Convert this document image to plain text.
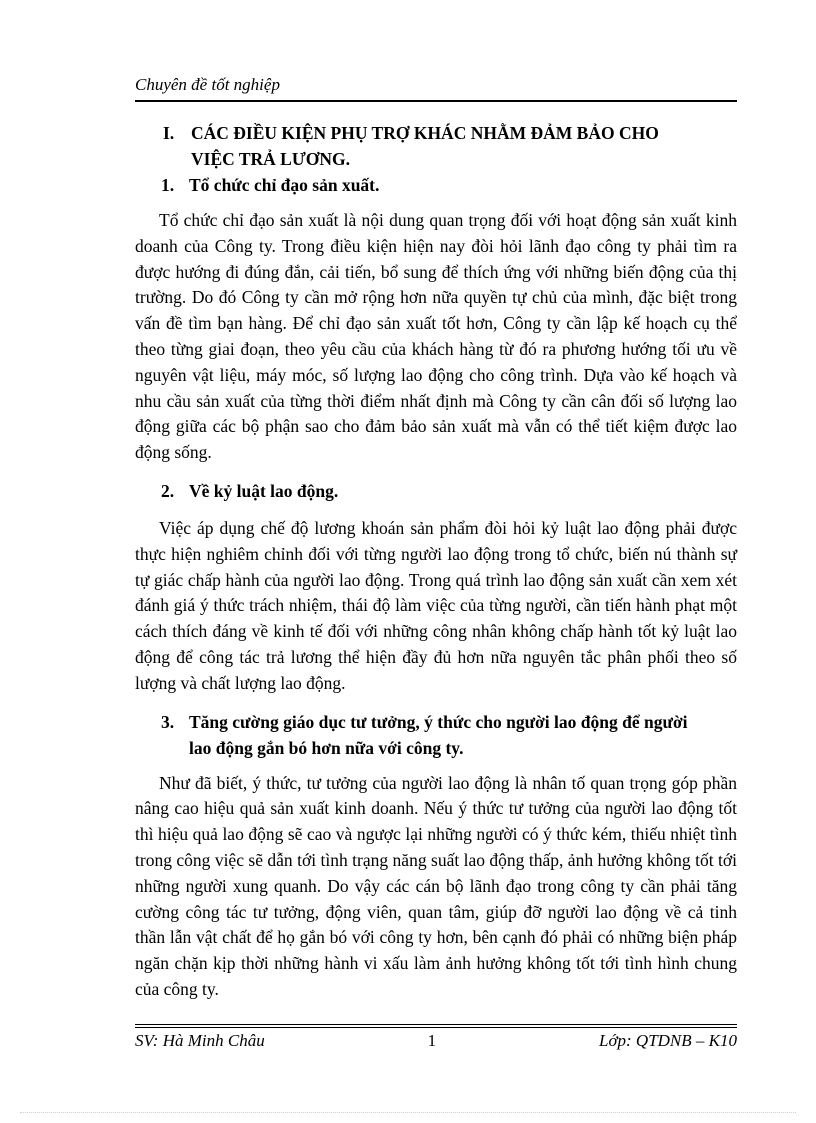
Chuyên đề tốt nghiệp
I. CÁC ĐIỀU KIỆN PHỤ TRỢ KHÁC NHẰM ĐẢM BẢO CHO
VIỆC TRẢ LƯƠNG.
1. Tổ chức chỉ đạo sản xuất.

Tổ chức chỉ đạo sản xuất là nội dung quan trọng đối với hoạt động sản xuất kinh doanh của Công ty. Trong điều kiện hiện nay đòi hỏi lãnh đạo công ty phải tìm ra được hướng đi đúng đắn, cải tiến, bổ sung để thích ứng với những biến động của thị trường. Do đó Công ty cần mở rộng hơn nữa quyền tự chủ của mình, đặc biệt trong vấn đề tìm bạn hàng. Để chỉ đạo sản xuất tốt hơn, Công ty cần lập kế hoạch cụ thể theo từng giai đoạn, theo yêu cầu của khách hàng từ đó ra phương hướng tối ưu về nguyên vật liệu, máy móc, số lượng lao động cho công trình. Dựa vào kế hoạch và nhu cầu sản xuất của từng thời điểm nhất định mà Công ty cần cân đối số lượng lao động giữa các bộ phận sao cho đảm bảo sản xuất mà vẫn có thể tiết kiệm được lao động sống.

2. Về kỷ luật lao động.

Việc áp dụng chế độ lương khoán sản phẩm đòi hỏi kỷ luật lao động phải được thực hiện nghiêm chỉnh đối với từng người lao động trong tổ chức, biến nú thành sự tự giác chấp hành của người lao động. Trong quá trình lao động sản xuất cần xem xét đánh giá ý thức trách nhiệm, thái độ làm việc của từng người, cần tiến hành phạt một cách thích đáng về kinh tế đối với những công nhân không chấp hành tốt kỷ luật lao động để công tác trả lương thể hiện đầy đủ hơn nữa nguyên tắc phân phối theo số lượng và chất lượng lao động.

3. Tăng cường giáo dục tư tưởng, ý thức cho người lao động để người
lao động gắn bó hơn nữa với công ty.

Như đã biết, ý thức, tư tưởng của người lao động là nhân tố quan trọng góp phần nâng cao hiệu quả sản xuất kinh doanh. Nếu ý thức tư tưởng của người lao động tốt thì hiệu quả lao động sẽ cao và ngược lại những người có ý thức kém, thiếu nhiệt tình trong công việc sẽ dẫn tới tình trạng năng suất lao động thấp, ảnh hưởng không tốt tới những người xung quanh. Do vậy các cán bộ lãnh đạo trong công ty cần phải tăng cường công tác tư tưởng, động viên, quan tâm, giúp đỡ người lao động về cả tinh thần lẫn vật chất để họ gắn bó với công ty hơn, bên cạnh đó phải có những biện pháp ngăn chặn kịp thời những hành vi xấu làm ảnh hưởng không tốt tới tình hình chung của công ty.

SV: Hà Minh Châu	1	Lớp: QTDNB – K10
